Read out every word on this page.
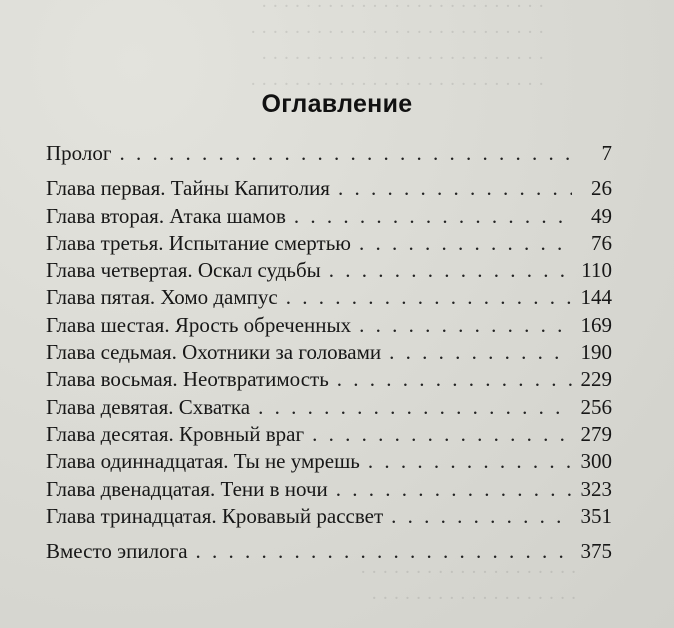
· · · · · · · · · · · · · · · · · · · · · · · · · ·
· · · · · · · · · · · · · · · · · · · · · · · · · · ·
· · · · · · · · · · · · · · · · · · · · · · · · · ·
· · · · · · · · · · · · · · · · · · · · · · · · · · ·
Оглавление
Пролог . . .	7
Глава первая. Тайны Капитолия . . .	26
Глава вторая. Атака шамов . . .	49
Глава третья. Испытание смертью . . .	76
Глава четвертая. Оскал судьбы . . .	110
Глава пятая. Хомо дампус . . .	144
Глава шестая. Ярость обреченных . . .	169
Глава седьмая. Охотники за головами . . .	190
Глава восьмая. Неотвратимость . . .	229
Глава девятая. Схватка . . .	256
Глава десятая. Кровный враг . . .	279
Глава одиннадцатая. Ты не умрешь . . .	300
Глава двенадцатая. Тени в ночи . . .	323
Глава тринадцатая. Кровавый рассвет . . .	351
Вместо эпилога . . .	375
· · · · · · · · · · · · · · · · · · · ·
· · · · · · · · · · · · · · · · · · ·
